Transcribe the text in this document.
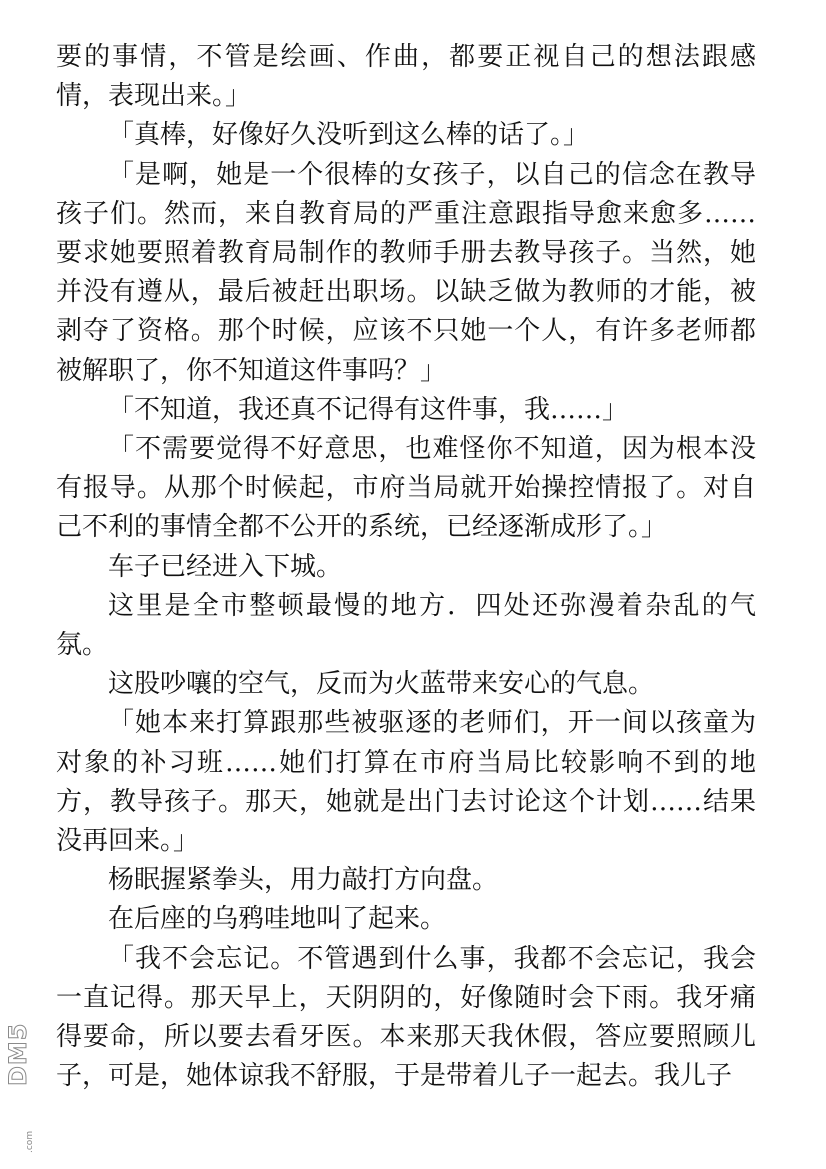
要的事情，不管是绘画、作曲，都要正视自己的想法跟感情，表现出来。」

「真棒，好像好久没听到这么棒的话了。」

「是啊，她是一个很棒的女孩子，以自己的信念在教导孩子们。然而，来自教育局的严重注意跟指导愈来愈多……要求她要照着教育局制作的教师手册去教导孩子。当然，她并没有遵从，最后被赶出职场。以缺乏做为教师的才能，被剥夺了资格。那个时候，应该不只她一个人，有许多老师都被解职了，你不知道这件事吗？」

「不知道，我还真不记得有这件事，我……」

「不需要觉得不好意思，也难怪你不知道，因为根本没有报导。从那个时候起，市府当局就开始操控情报了。对自己不利的事情全都不公开的系统，已经逐渐成形了。」

车子已经进入下城。

这里是全市整顿最慢的地方．四处还弥漫着杂乱的气氛。

这股吵嚷的空气，反而为火蓝带来安心的气息。

「她本来打算跟那些被驱逐的老师们，开一间以孩童为对象的补习班……她们打算在市府当局比较影响不到的地方，教导孩子。那天，她就是出门去讨论这个计划……结果没再回来。」

杨眠握紧拳头，用力敲打方向盘。

在后座的乌鸦哇地叫了起来。

「我不会忘记。不管遇到什么事，我都不会忘记，我会一直记得。那天早上，天阴阴的，好像随时会下雨。我牙痛得要命，所以要去看牙医。本来那天我休假，答应要照顾儿子，可是，她体谅我不舒服，于是带着儿子一起去。我儿子

DM5
.com
